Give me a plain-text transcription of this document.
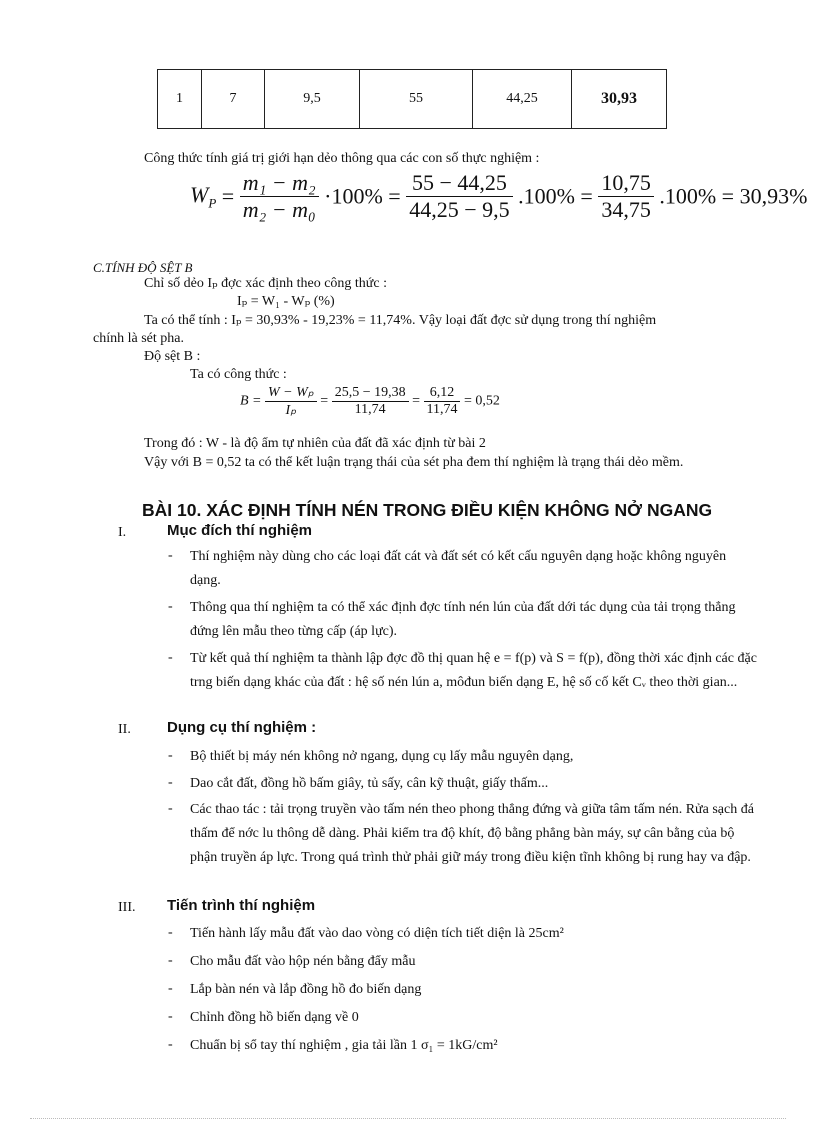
1	7	9,5	55	44,25	30,93
Công thức tính giá trị giới hạn dẻo thông qua các con số thực nghiệm :
$W_P = \frac{\text{m₁ − m₂}}{\text{m₂ − m₀}} \cdot 100\% = \frac{55 - 44,25}{44,25 - 9,5} .100\% = \frac{10,75}{34,75} .100\% = 30,93\%$
C.TÍNH ĐỘ SỆT B
Chỉ số dẻo Iₚ đợc xác định theo công thức :
Iₚ = W₁ - Wₚ (%)
Ta có thể tính : Iₚ = 30,93% - 19,23% = 11,74%. Vậy loại đất đợc sử dụng trong thí nghiệm
chính là sét pha.
Độ sệt B :
Ta có công thức :
$B = \frac{\text{W − Wₚ}}{\text{Iₚ}} = \frac{25,5 - 19,38}{11,74} = \frac{6,12}{11,74} = 0,52$
Trong đó : W - là độ ẩm tự nhiên của đất đã xác định từ bài 2
Vậy với B = 0,52 ta có thể kết luận trạng thái của sét pha đem thí nghiệm là trạng thái dẻo mềm.
BÀI 10. XÁC ĐỊNH TÍNH NÉN TRONG ĐIỀU KIỆN KHÔNG NỞ NGANG
I.	Mục đích thí nghiệm
- Thí nghiệm này dùng cho các loại đất cát và đất sét có kết cấu nguyên dạng hoặc không nguyên dạng.
- Thông qua thí nghiệm ta có thể xác định đợc tính nén lún của đất dới tác dụng của tải trọng thẳng đứng lên mẫu theo từng cấp (áp lực).
- Từ kết quả thí nghiệm ta thành lập đợc đồ thị quan hệ e = f(p) và S = f(p), đồng thời xác định các đặc trng biến dạng khác của đất : hệ số nén lún a, môđun biến dạng E, hệ số cố kết Cᵥ theo thời gian...
II. Dụng cụ thí nghiệm :
- Bộ thiết bị máy nén không nở ngang, dụng cụ lấy mẫu nguyên dạng,
- Dao cắt đất, đồng hồ bấm giây, tủ sấy, cân kỹ thuật, giấy thấm...
- Các thao tác : tải trọng truyền vào tấm nén theo phong thẳng đứng và giữa tâm tấm nén. Rửa sạch đá thấm để nớc lu thông dễ dàng. Phải kiểm tra độ khít, độ bằng phẳng bàn máy, sự cân bằng của bộ phận truyền áp lực. Trong quá trình thử phải giữ máy trong điều kiện tĩnh không bị rung hay va đập.
III. Tiến trình thí nghiệm
- Tiến hành lấy mẫu đất vào dao vòng có diện tích tiết diện là 25cm²
- Cho mẫu đất vào hộp nén bằng đẩy mẫu
- Lắp bàn nén và lắp đồng hồ đo biến dạng
- Chỉnh đồng hồ biến dạng về 0
- Chuẩn bị sổ tay thí nghiệm , gia tải lần 1 σ₁ = 1kG/cm²
